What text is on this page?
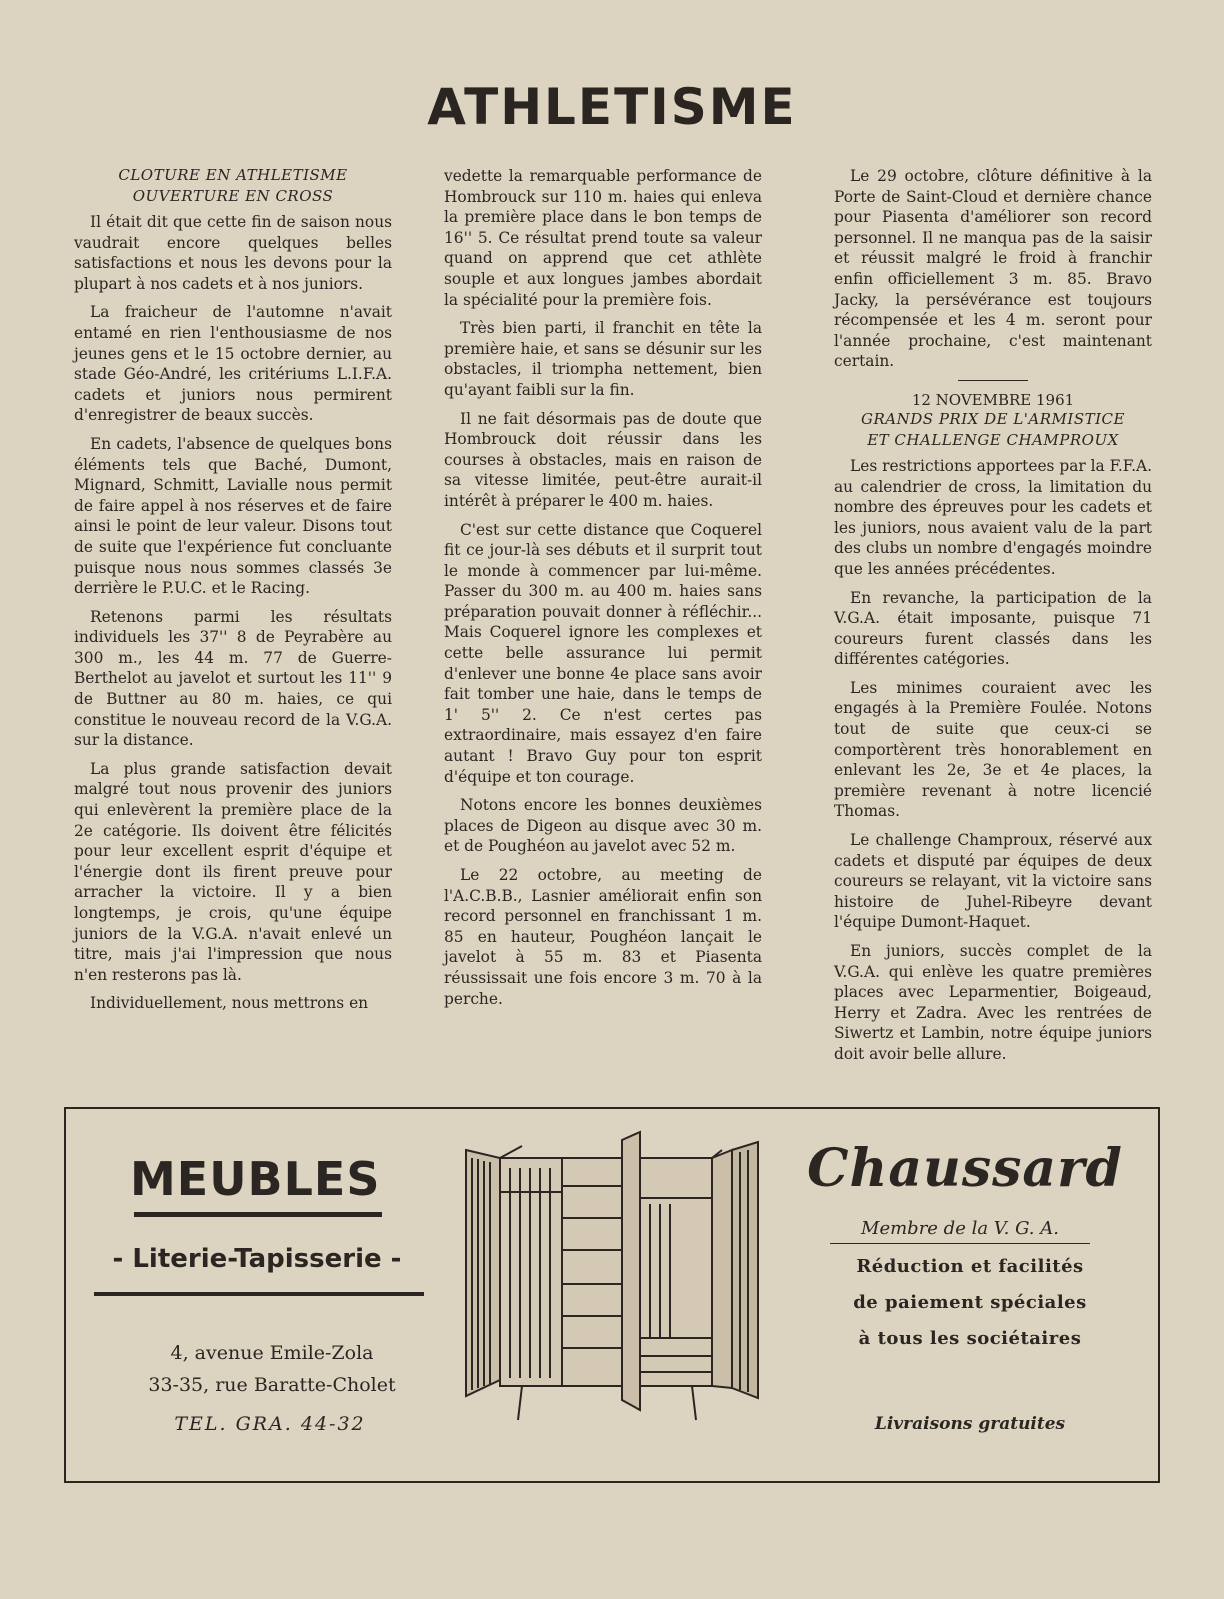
ATHLETISME
CLOTURE EN ATHLETISME
OUVERTURE EN CROSS

Il était dit que cette fin de saison nous vaudrait encore quelques belles satisfactions et nous les devons pour la plupart à nos cadets et à nos juniors.

La fraicheur de l'automne n'avait entamé en rien l'enthousiasme de nos jeunes gens et le 15 octobre dernier, au stade Géo-André, les critériums L.I.F.A. cadets et juniors nous permirent d'enregistrer de beaux succès.

En cadets, l'absence de quelques bons éléments tels que Baché, Dumont, Mignard, Schmitt, Lavialle nous permit de faire appel à nos réserves et de faire ainsi le point de leur valeur. Disons tout de suite que l'expérience fut concluante puisque nous nous sommes classés 3e derrière le P.U.C. et le Racing.

Retenons parmi les résultats individuels les 37'' 8 de Peyrabère au 300 m., les 44 m. 77 de Guerre-Berthelot au javelot et surtout les 11'' 9 de Buttner au 80 m. haies, ce qui constitue le nouveau record de la V.G.A. sur la distance.

La plus grande satisfaction devait malgré tout nous provenir des juniors qui enlevèrent la première place de la 2e catégorie. Ils doivent être félicités pour leur excellent esprit d'équipe et l'énergie dont ils firent preuve pour arracher la victoire. Il y a bien longtemps, je crois, qu'une équipe juniors de la V.G.A. n'avait enlevé un titre, mais j'ai l'impression que nous n'en resterons pas là.

Individuellement, nous mettrons en

vedette la remarquable performance de Hombrouck sur 110 m. haies qui enleva la première place dans le bon temps de 16'' 5. Ce résultat prend toute sa valeur quand on apprend que cet athlète souple et aux longues jambes abordait la spécialité pour la première fois.

Très bien parti, il franchit en tête la première haie, et sans se désunir sur les obstacles, il triompha nettement, bien qu'ayant faibli sur la fin.

Il ne fait désormais pas de doute que Hombrouck doit réussir dans les courses à obstacles, mais en raison de sa vitesse limitée, peut-être aurait-il intérêt à préparer le 400 m. haies.

C'est sur cette distance que Coquerel fit ce jour-là ses débuts et il surprit tout le monde à commencer par lui-même. Passer du 300 m. au 400 m. haies sans préparation pouvait donner à réfléchir... Mais Coquerel ignore les complexes et cette belle assurance lui permit d'enlever une bonne 4e place sans avoir fait tomber une haie, dans le temps de 1' 5'' 2. Ce n'est certes pas extraordinaire, mais essayez d'en faire autant ! Bravo Guy pour ton esprit d'équipe et ton courage.

Notons encore les bonnes deuxièmes places de Digeon au disque avec 30 m. et de Poughéon au javelot avec 52 m.

Le 22 octobre, au meeting de l'A.C.B.B., Lasnier améliorait enfin son record personnel en franchissant 1 m. 85 en hauteur, Poughéon lançait le javelot à 55 m. 83 et Piasenta réussissait une fois encore 3 m. 70 à la perche.

Le 29 octobre, clôture définitive à la Porte de Saint-Cloud et dernière chance pour Piasenta d'améliorer son record personnel. Il ne manqua pas de la saisir et réussit malgré le froid à franchir enfin officiellement 3 m. 85. Bravo Jacky, la persévérance est toujours récompensée et les 4 m. seront pour l'année prochaine, c'est maintenant certain.

12 NOVEMBRE 1961
GRANDS PRIX DE L'ARMISTICE
ET CHALLENGE CHAMPROUX

Les restrictions apportees par la F.F.A. au calendrier de cross, la limitation du nombre des épreuves pour les cadets et les juniors, nous avaient valu de la part des clubs un nombre d'engagés moindre que les années précédentes.

En revanche, la participation de la V.G.A. était imposante, puisque 71 coureurs furent classés dans les différentes catégories.

Les minimes couraient avec les engagés à la Première Foulée. Notons tout de suite que ceux-ci se comportèrent très honorablement en enlevant les 2e, 3e et 4e places, la première revenant à notre licencié Thomas.

Le challenge Champroux, réservé aux cadets et disputé par équipes de deux coureurs se relayant, vit la victoire sans histoire de Juhel-Ribeyre devant l'équipe Dumont-Haquet.

En juniors, succès complet de la V.G.A. qui enlève les quatre premières places avec Leparmentier, Boigeaud, Herry et Zadra. Avec les rentrées de Siwertz et Lambin, notre équipe juniors doit avoir belle allure.

MEUBLES
- Literie-Tapisserie -
4, avenue Emile-Zola
33-35, rue Baratte-Cholet
TEL. GRA. 44-32
Chaussard
Membre de la V. G. A.
Réduction et facilités
de paiement spéciales
à tous les sociétaires
Livraisons gratuites
